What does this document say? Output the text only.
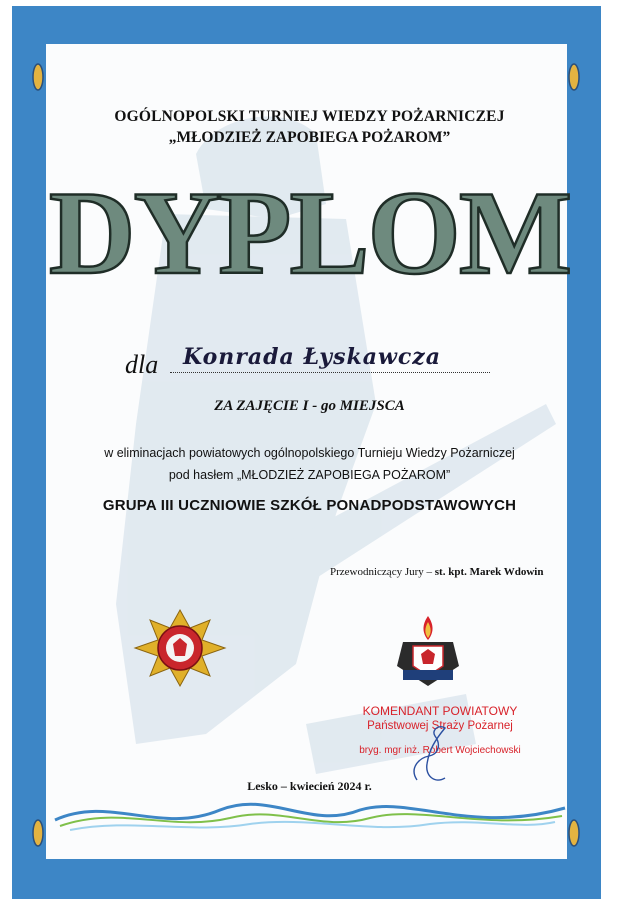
OGÓLNOPOLSKI TURNIEJ WIEDZY POŻARNICZEJ
„MŁODZIEŻ ZAPOBIEGA POŻAROM”
DYPLOM
dla Konrada Łyskawcza
ZA ZAJĘCIE I - go MIEJSCA
w eliminacjach powiatowych ogólnopolskiego Turnieju Wiedzy Pożarniczej
pod hasłem „MŁODZIEŻ ZAPOBIEGA POŻAROM”
GRUPA III UCZNIOWIE SZKÓŁ PONADPODSTAWOWYCH
Przewodniczący Jury – st. kpt. Marek Wdowin
KOMENDANT POWIATOWY
Państwowej Straży Pożarnej
bryg. mgr inż. Robert Wojciechowski
Lesko – kwiecień 2024 r.
